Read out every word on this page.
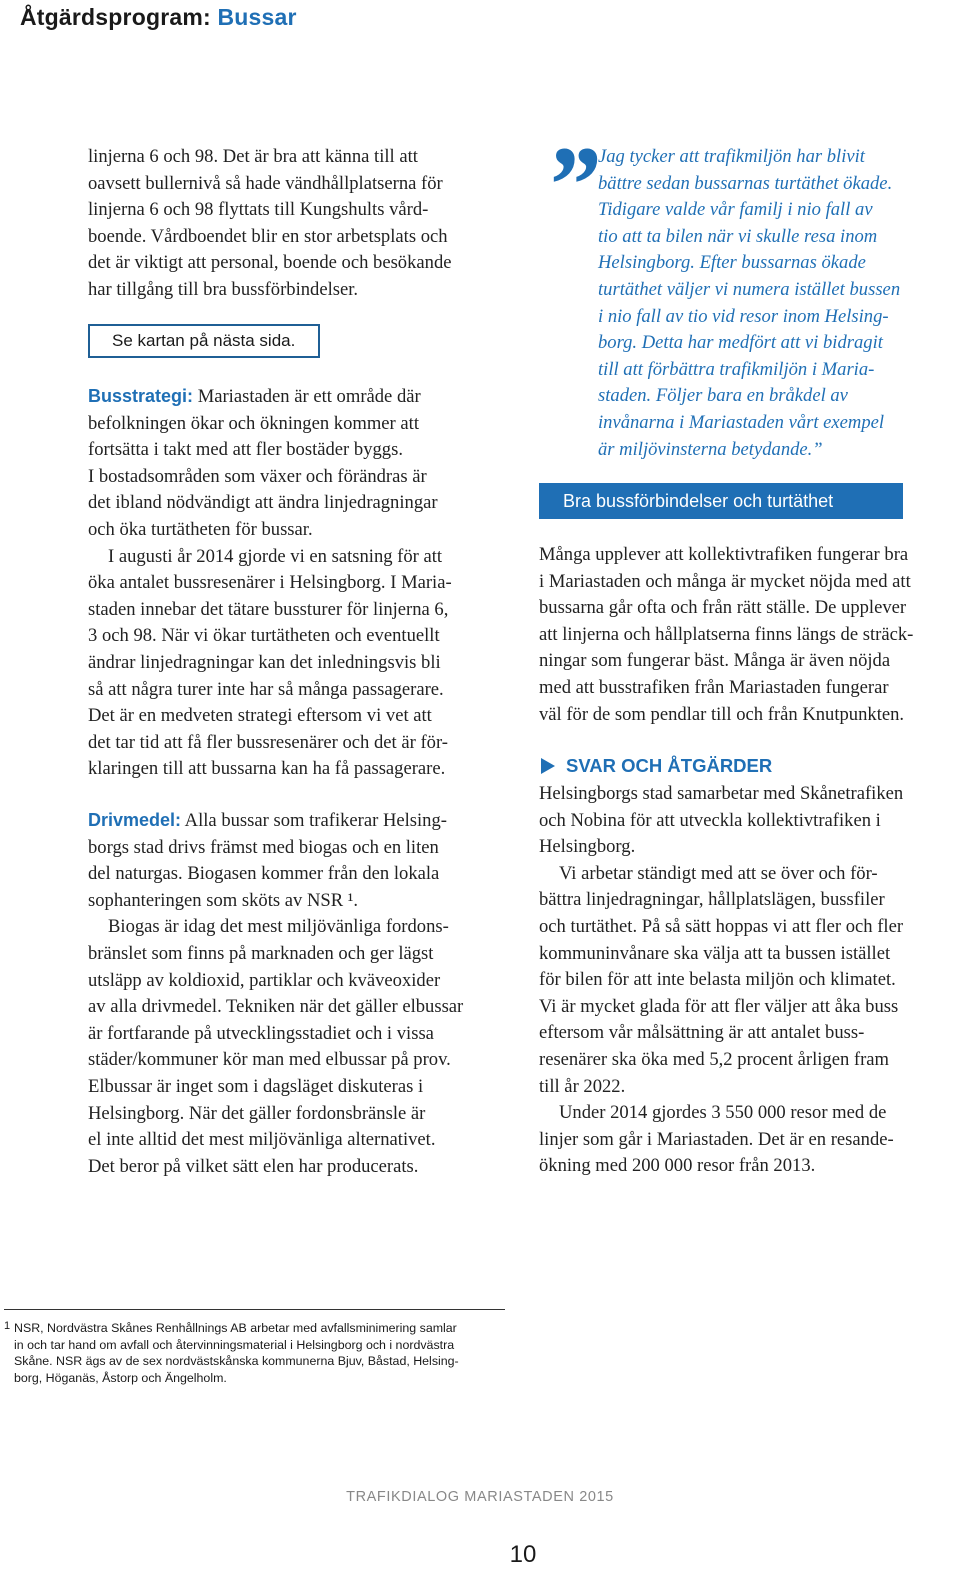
Åtgärdsprogram: Bussar
linjerna 6 och 98. Det är bra att känna till att
oavsett bullernivå så hade vändhållplatserna för
linjerna 6 och 98 flyttats till Kungshults vård-
boende. Vårdboendet blir en stor arbetsplats och
det är viktigt att personal, boende och besökande
har tillgång till bra bussförbindelser.
Se kartan på nästa sida.
Busstrategi: Mariastaden är ett område där
befolkningen ökar och ökningen kommer att
fortsätta i takt med att fler bostäder byggs.
I bostadsområden som växer och förändras är
det ibland nödvändigt att ändra linjedragningar
och öka turtätheten för bussar.
I augusti år 2014 gjorde vi en satsning för att
öka antalet bussresenärer i Helsingborg. I Maria-
staden innebar det tätare bussturer för linjerna 6,
3 och 98. När vi ökar turtätheten och eventuellt
ändrar linjedragningar kan det inledningsvis bli
så att några turer inte har så många passagerare.
Det är en medveten strategi eftersom vi vet att
det tar tid att få fler bussresenärer och det är för-
klaringen till att bussarna kan ha få passagerare.
Drivmedel: Alla bussar som trafikerar Helsing-
borgs stad drivs främst med biogas och en liten
del naturgas. Biogasen kommer från den lokala
sophanteringen som sköts av NSR ¹.
Biogas är idag det mest miljövänliga fordons-
bränslet som finns på marknaden och ger lägst
utsläpp av koldioxid, partiklar och kväveoxider
av alla drivmedel. Tekniken när det gäller elbussar
är fortfarande på utvecklingsstadiet och i vissa
städer/kommuner kör man med elbussar på prov.
Elbussar är inget som i dagsläget diskuteras i
Helsingborg. När det gäller fordonsbränsle är
el inte alltid det mest miljövänliga alternativet.
Det beror på vilket sätt elen har producerats.
” Jag tycker att trafikmiljön har blivit
bättre sedan bussarnas turtäthet ökade.
Tidigare valde vår familj i nio fall av
tio att ta bilen när vi skulle resa inom
Helsingborg. Efter bussarnas ökade
turtäthet väljer vi numera istället bussen
i nio fall av tio vid resor inom Helsing-
borg. Detta har medfört att vi bidragit
till att förbättra trafikmiljön i Maria-
staden. Följer bara en bråkdel av
invånarna i Mariastaden vårt exempel
är miljövinsterna betydande.”
Bra bussförbindelser och turtäthet
Många upplever att kollektivtrafiken fungerar bra
i Mariastaden och många är mycket nöjda med att
bussarna går ofta och från rätt ställe. De upplever
att linjerna och hållplatserna finns längs de sträck-
ningar som fungerar bäst. Många är även nöjda
med att busstrafiken från Mariastaden fungerar
väl för de som pendlar till och från Knutpunkten.
SVAR OCH ÅTGÄRDER
Helsingborgs stad samarbetar med Skånetrafiken
och Nobina för att utveckla kollektivtrafiken i
Helsingborg.
Vi arbetar ständigt med att se över och för-
bättra linjedragningar, hållplatslägen, bussfiler
och turtäthet. På så sätt hoppas vi att fler och fler
kommuninvånare ska välja att ta bussen istället
för bilen för att inte belasta miljön och klimatet.
Vi är mycket glada för att fler väljer att åka buss
eftersom vår målsättning är att antalet buss-
resenärer ska öka med 5,2 procent årligen fram
till år 2022.
Under 2014 gjordes 3 550 000 resor med de
linjer som går i Mariastaden. Det är en resande-
ökning med 200 000 resor från 2013.
1 NSR, Nordvästra Skånes Renhållnings AB arbetar med avfallsminimering samlar
in och tar hand om avfall och återvinningsmaterial i Helsingborg och i nordvästra
Skåne. NSR ägs av de sex nordvästskånska kommunerna Bjuv, Båstad, Helsing-
borg, Höganäs, Åstorp och Ängelholm.
TRAFIKDIALOG MARIASTADEN 2015
10
